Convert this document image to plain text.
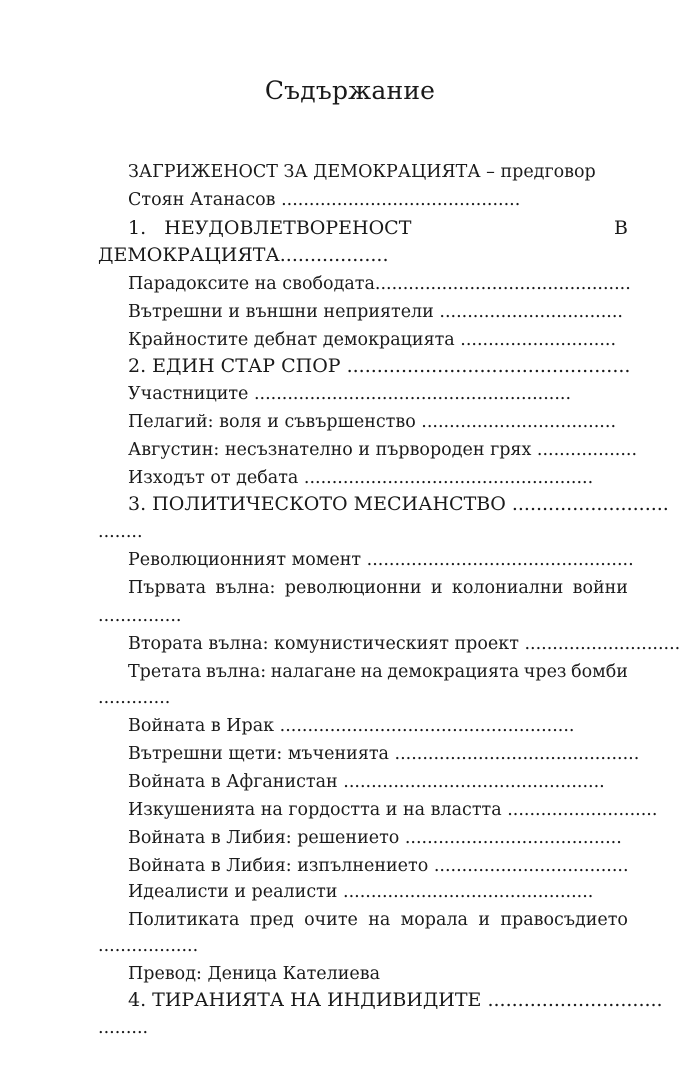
Съдържание
ЗАГРИЖЕНОСТ ЗА ДЕМОКРАЦИЯТА – предговор
Стоян Атанасов ...........................................
1. НЕУДОВЛЕТВОРЕНОСТ	В
ДЕМОКРАЦИЯТА..................
Парадоксите на свободата..............................................
Вътрешни и външни неприятели .................................
Крайностите дебнат демокрацията ............................
2. ЕДИН СТАР СПОР ...............................................
Участниците .........................................................
Пелагий: воля и съвършенство ...................................
Августин: несъзнателно и първороден грях ..................
Изходът от дебата ....................................................
3. ПОЛИТИЧЕСКОТО МЕСИАНСТВО ..........................
........
Революционният момент ................................................
Първата вълна: революционни и колониални войни
...............
Втората вълна: комунистическият проект ............................
Третата вълна: налагане на демокрацията чрез бомби
.............
Войната в Ирак .....................................................
Вътрешни щети: мъченията ............................................
Войната в Афганистан ...............................................
Изкушенията на гордостта и на властта ...........................
Войната в Либия: решението .......................................
Войната в Либия: изпълнението ...................................
Идеалисти и реалисти .............................................
Политиката пред очите на морала и правосъдието
..................
Превод: Деница Кателиева
4. ТИРАНИЯТА НА ИНДИВИДИТЕ .............................
.........
